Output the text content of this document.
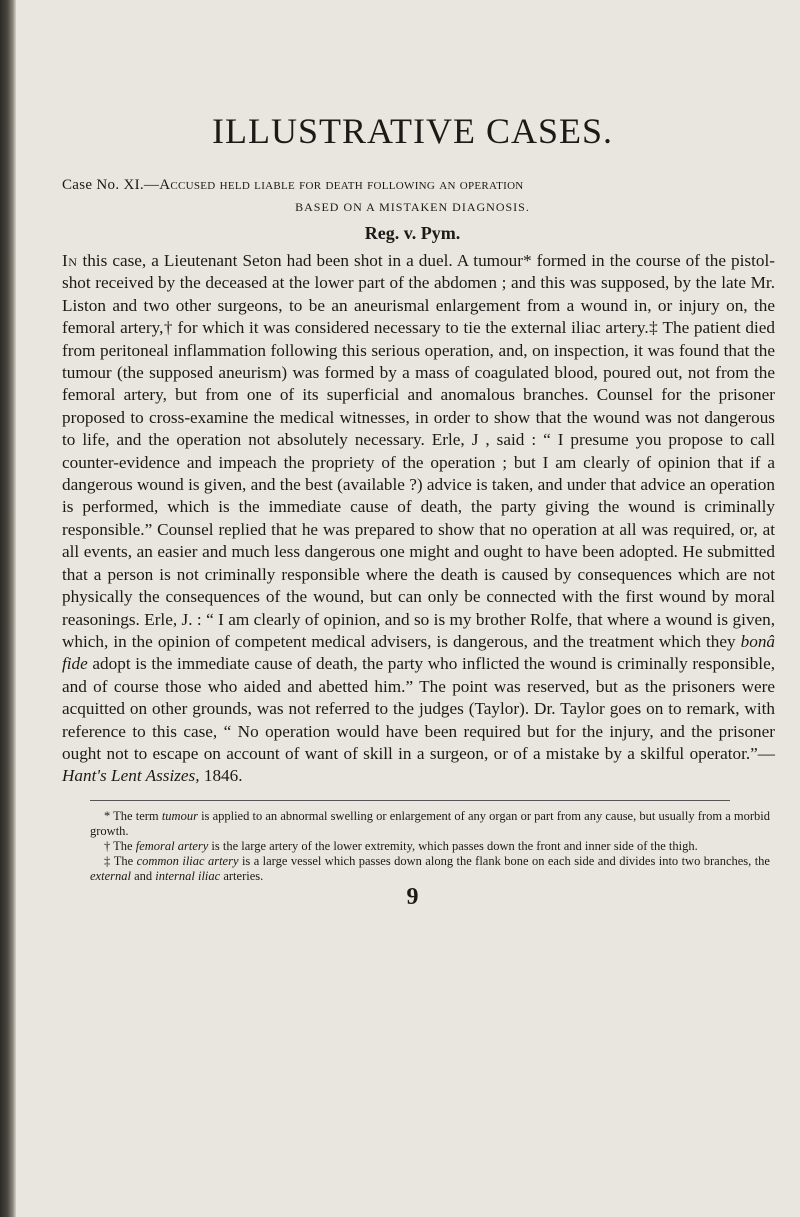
ILLUSTRATIVE CASES.

Case No. XI.—Accused held liable for death following an operation

BASED ON A MISTAKEN DIAGNOSIS.

Reg. v. Pym.

In this case, a Lieutenant Seton had been shot in a duel. A tumour* formed in the course of the pistol-shot received by the deceased at the lower part of the abdomen ; and this was supposed, by the late Mr. Liston and two other surgeons, to be an aneurismal enlargement from a wound in, or injury on, the femoral artery,† for which it was considered necessary to tie the external iliac artery.‡ The patient died from peritoneal inflammation following this serious operation, and, on inspection, it was found that the tumour (the supposed aneurism) was formed by a mass of coagulated blood, poured out, not from the femoral artery, but from one of its superficial and anomalous branches. Counsel for the prisoner proposed to cross-examine the medical witnesses, in order to show that the wound was not dangerous to life, and the operation not absolutely necessary. Erle, J , said : “ I presume you propose to call counter-evidence and impeach the propriety of the operation ; but I am clearly of opinion that if a dangerous wound is given, and the best (available ?) advice is taken, and under that advice an operation is performed, which is the immediate cause of death, the party giving the wound is criminally responsible.” Counsel replied that he was prepared to show that no operation at all was required, or, at all events, an easier and much less dangerous one might and ought to have been adopted. He submitted that a person is not criminally responsible where the death is caused by consequences which are not physically the consequences of the wound, but can only be connected with the first wound by moral reasonings. Erle, J. : “ I am clearly of opinion, and so is my brother Rolfe, that where a wound is given, which, in the opinion of competent medical advisers, is dangerous, and the treatment which they bonâ fide adopt is the immediate cause of death, the party who inflicted the wound is criminally responsible, and of course those who aided and abetted him.” The point was reserved, but as the prisoners were acquitted on other grounds, was not referred to the judges (Taylor). Dr. Taylor goes on to remark, with reference to this case, “ No operation would have been required but for the injury, and the prisoner ought not to escape on account of want of skill in a surgeon, or of a mistake by a skilful operator.”—Hant's Lent Assizes, 1846.

* The term tumour is applied to an abnormal swelling or enlargement of any organ or part from any cause, but usually from a morbid growth.

† The femoral artery is the large artery of the lower extremity, which passes down the front and inner side of the thigh.

‡ The common iliac artery is a large vessel which passes down along the flank bone on each side and divides into two branches, the external and internal iliac arteries.

9
